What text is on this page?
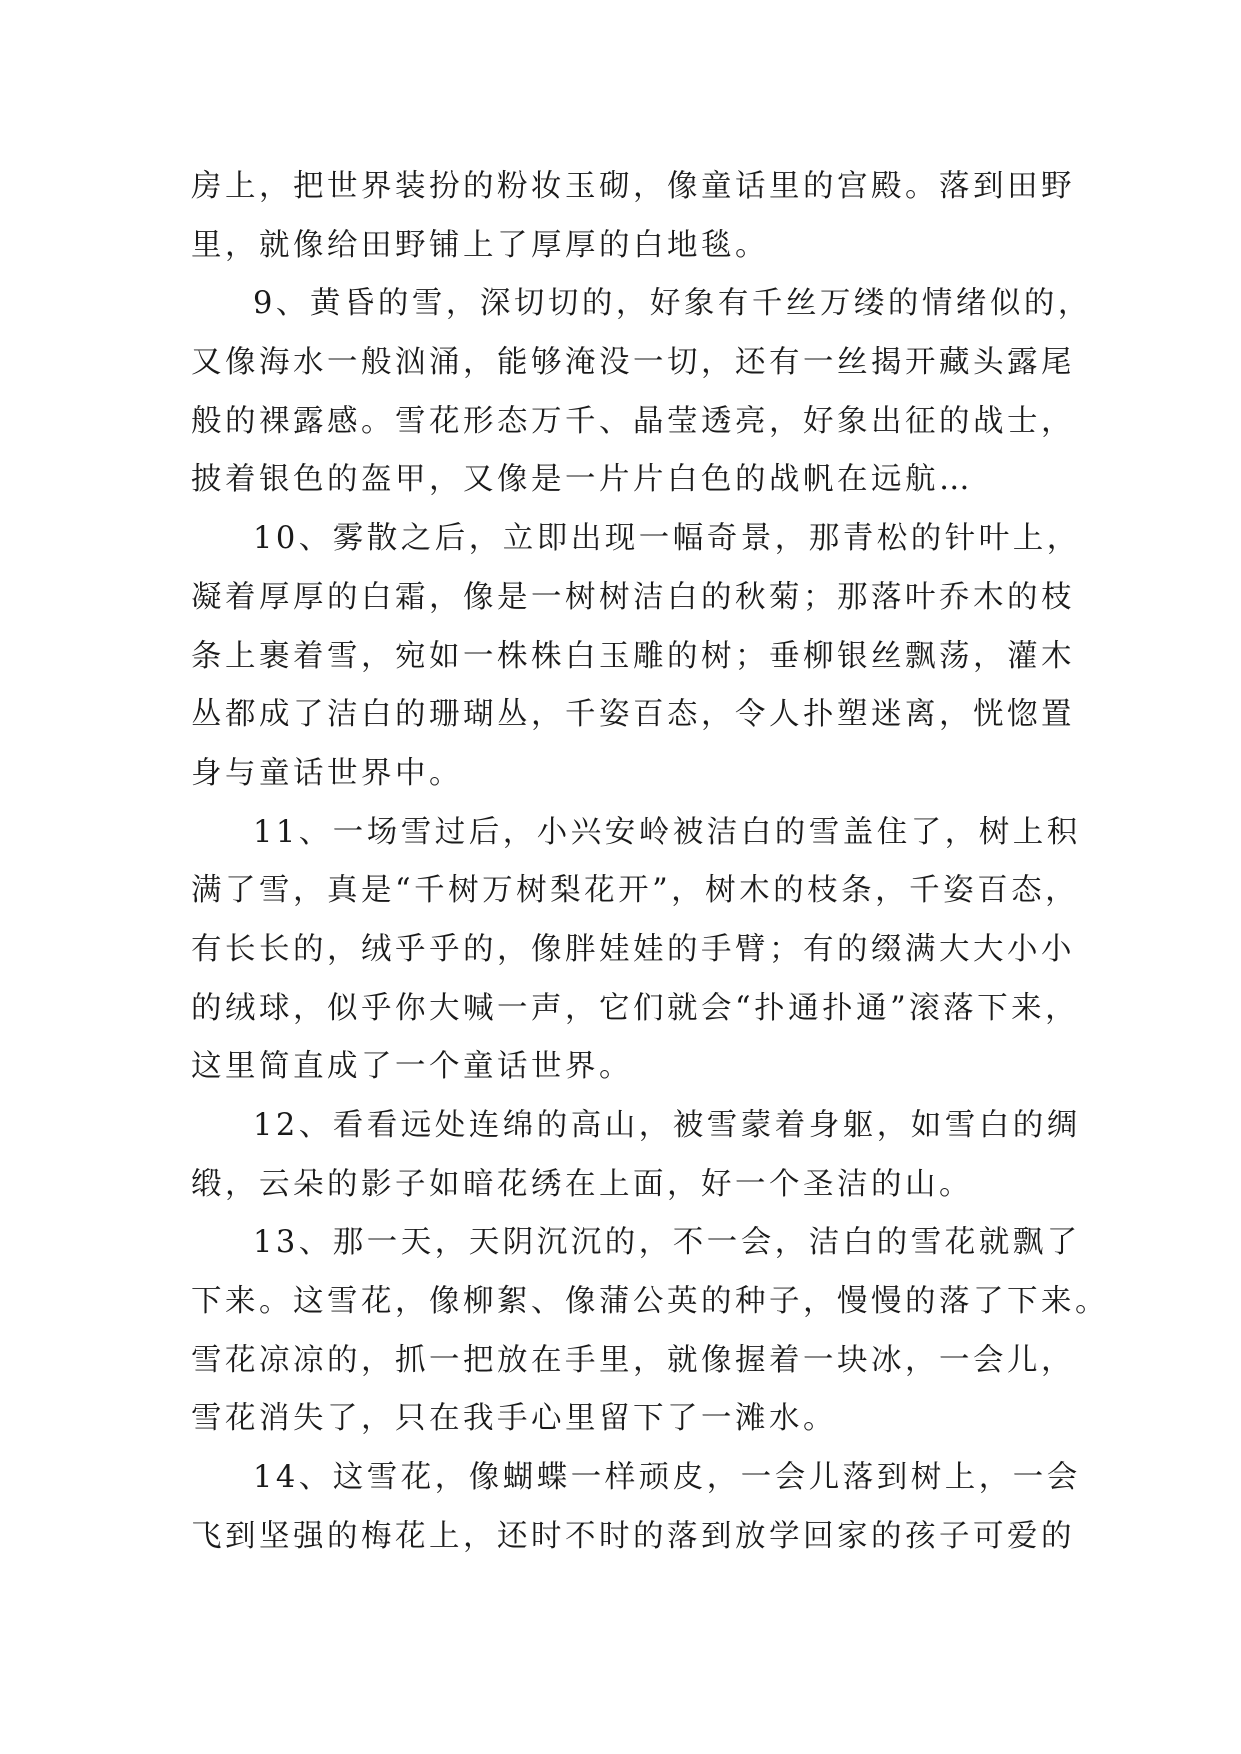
房上，把世界装扮的粉妆玉砌，像童话里的宫殿。落到田野

里，就像给田野铺上了厚厚的白地毯。

9、黄昏的雪，深切切的，好象有千丝万缕的情绪似的，

又像海水一般汹涌，能够淹没一切，还有一丝揭开藏头露尾

般的裸露感。雪花形态万千、晶莹透亮，好象出征的战士，

披着银色的盔甲，又像是一片片白色的战帆在远航…

10、雾散之后，立即出现一幅奇景，那青松的针叶上，

凝着厚厚的白霜，像是一树树洁白的秋菊；那落叶乔木的枝

条上裹着雪，宛如一株株白玉雕的树；垂柳银丝飘荡，灌木

丛都成了洁白的珊瑚丛，千姿百态，令人扑塑迷离，恍惚置

身与童话世界中。

11、一场雪过后，小兴安岭被洁白的雪盖住了，树上积

满了雪，真是“千树万树梨花开”，树木的枝条，千姿百态，

有长长的，绒乎乎的，像胖娃娃的手臂；有的缀满大大小小

的绒球，似乎你大喊一声，它们就会“扑通扑通”滚落下来，

这里简直成了一个童话世界。

12、看看远处连绵的高山，被雪蒙着身躯，如雪白的绸

缎，云朵的影子如暗花绣在上面，好一个圣洁的山。

13、那一天，天阴沉沉的，不一会，洁白的雪花就飘了

下来。这雪花，像柳絮、像蒲公英的种子，慢慢的落了下来。

雪花凉凉的，抓一把放在手里，就像握着一块冰，一会儿，

雪花消失了，只在我手心里留下了一滩水。

14、这雪花，像蝴蝶一样顽皮，一会儿落到树上，一会

飞到坚强的梅花上，还时不时的落到放学回家的孩子可爱的
